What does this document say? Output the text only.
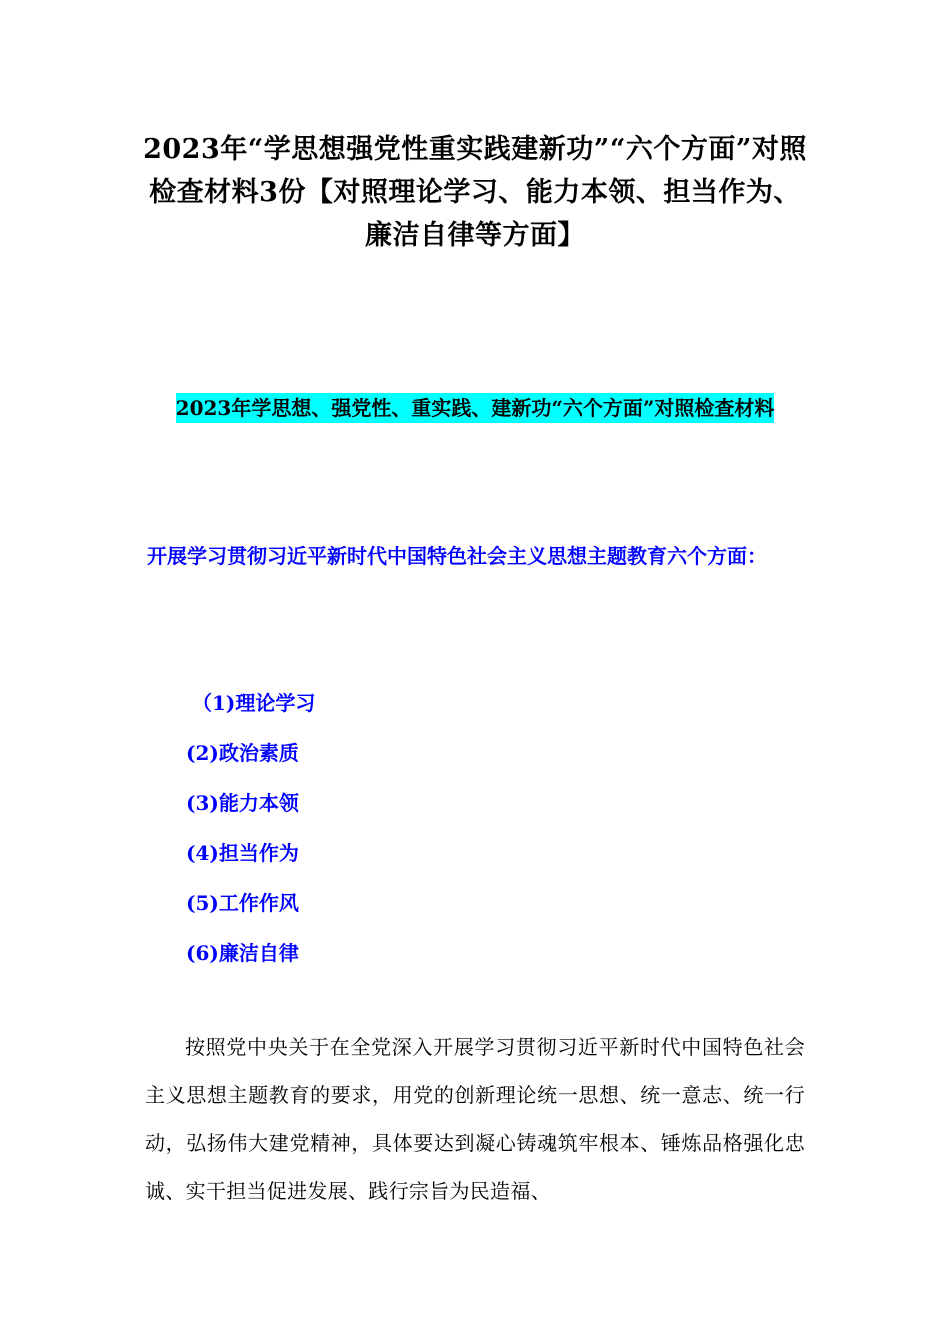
2023年“学思想强党性重实践建新功”“六个方面”对照检查材料3份【对照理论学习、能力本领、担当作为、廉洁自律等方面】
2023年学思想、强党性、重实践、建新功“六个方面”对照检查材料
开展学习贯彻习近平新时代中国特色社会主义思想主题教育六个方面：
（1)理论学习
(2)政治素质
(3)能力本领
(4)担当作为
(5)工作作风
(6)廉洁自律

按照党中央关于在全党深入开展学习贯彻习近平新时代中国特色社会主义思想主题教育的要求，用党的创新理论统一思想、统一意志、统一行动，弘扬伟大建党精神，具体要达到凝心铸魂筑牢根本、锤炼品格强化忠诚、实干担当促进发展、践行宗旨为民造福、
